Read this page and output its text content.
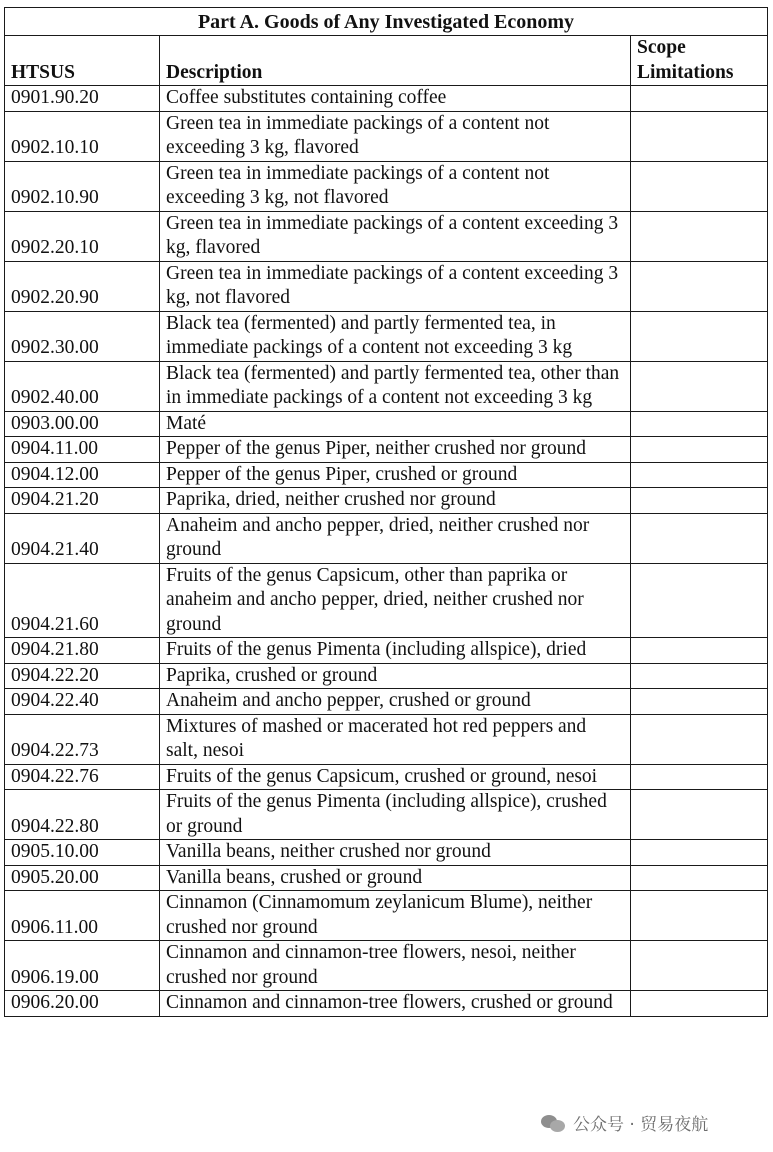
Part A. Goods of Any Investigated Economy		
HTSUS	Description	Scope Limitations
0901.90.20	Coffee substitutes containing coffee	
0902.10.10	Green tea in immediate packings of a content not exceeding 3 kg, flavored	
0902.10.90	Green tea in immediate packings of a content not exceeding 3 kg, not flavored	
0902.20.10	Green tea in immediate packings of a content exceeding 3 kg, flavored	
0902.20.90	Green tea in immediate packings of a content exceeding 3 kg, not flavored	
0902.30.00	Black tea (fermented) and partly fermented tea, in immediate packings of a content not exceeding 3 kg	
0902.40.00	Black tea (fermented) and partly fermented tea, other than in immediate packings of a content not exceeding 3 kg	
0903.00.00	Maté	
0904.11.00	Pepper of the genus Piper, neither crushed nor ground	
0904.12.00	Pepper of the genus Piper, crushed or ground	
0904.21.20	Paprika, dried, neither crushed nor ground	
0904.21.40	Anaheim and ancho pepper, dried, neither crushed nor ground	
0904.21.60	Fruits of the genus Capsicum, other than paprika or anaheim and ancho pepper, dried, neither crushed nor ground	
0904.21.80	Fruits of the genus Pimenta (including allspice), dried	
0904.22.20	Paprika, crushed or ground	
0904.22.40	Anaheim and ancho pepper, crushed or ground	
0904.22.73	Mixtures of mashed or macerated hot red peppers and salt, nesoi	
0904.22.76	Fruits of the genus Capsicum, crushed or ground, nesoi	
0904.22.80	Fruits of the genus Pimenta (including allspice), crushed or ground	
0905.10.00	Vanilla beans, neither crushed nor ground	
0905.20.00	Vanilla beans, crushed or ground	
0906.11.00	Cinnamon (Cinnamomum zeylanicum Blume), neither crushed nor ground	
0906.19.00	Cinnamon and cinnamon-tree flowers, nesoi, neither crushed nor ground	
0906.20.00	Cinnamon and cinnamon-tree flowers, crushed or ground	
公众号 · 贸易夜航
